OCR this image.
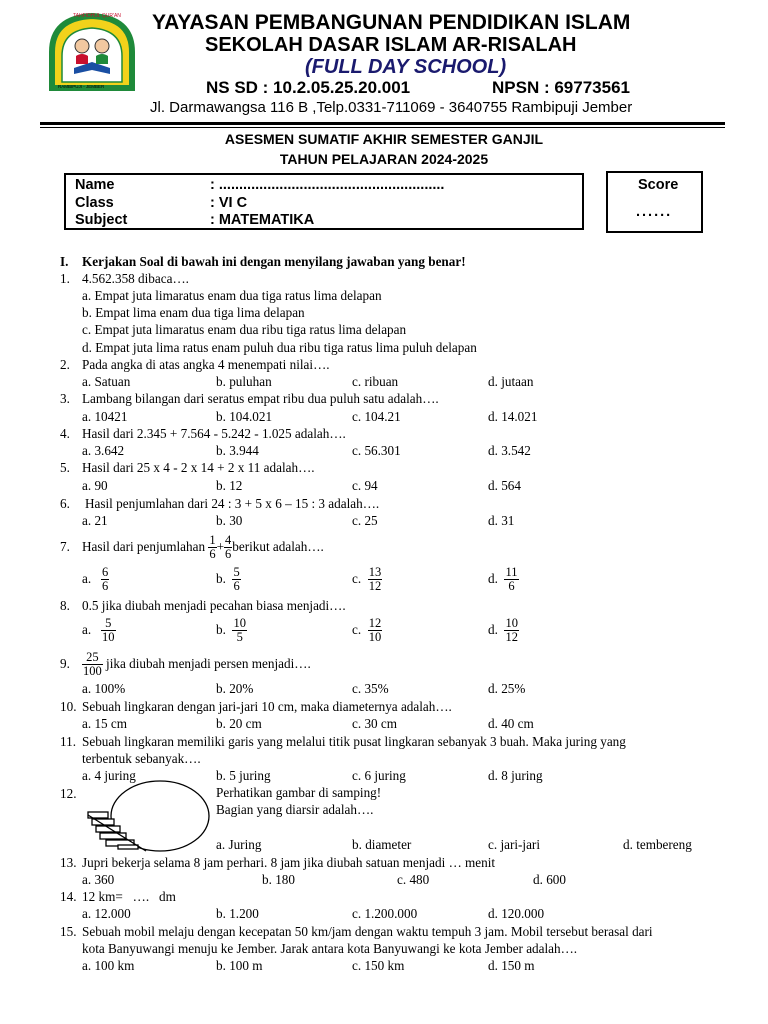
TAHFIDHUL QUR'AN
SEKOLAH	AR-RISALAH
RAMBIPUJI - JEMBER
YAYASAN PEMBANGUNAN PENDIDIKAN ISLAM
SEKOLAH DASAR ISLAM AR-RISALAH
(FULL DAY SCHOOL)
NS SD : 10.2.05.25.20.001	NPSN : 69773561
Jl. Darmawangsa 116 B ,Telp.0331-711069 - 3640755 Rambipuji Jember
ASESMEN SUMATIF AKHIR SEMESTER GANJIL
TAHUN PELAJARAN 2024-2025
Name	: ........................................................
Class	: VI C
Subject	: MATEMATIKA
Score
......
I. Kerjakan Soal di bawah ini dengan menyilang jawaban yang benar!
1. 4.562.358 dibaca….
a. Empat juta limaratus enam dua tiga ratus lima delapan
b. Empat lima enam dua tiga lima delapan
c. Empat juta limaratus enam dua ribu tiga ratus lima delapan
d. Empat juta lima ratus enam puluh dua ribu tiga ratus lima puluh delapan
2. Pada angka di atas angka 4 menempati nilai….
a. Satuan	b. puluhan	c. ribuan	d. jutaan
3. Lambang bilangan dari seratus empat ribu dua puluh satu adalah….
a. 10421	b. 104.021	c. 104.21	d. 14.021
4. Hasil dari 2.345 + 7.564 - 5.242 - 1.025 adalah….
a. 3.642	b. 3.944	c. 56.301	d. 3.542
5. Hasil dari 25 x 4 - 2 x 14 + 2 x 11 adalah….
a. 90	b. 12	c. 94	d. 564
6. Hasil penjumlahan dari 24 : 3 + 5 x 6 – 15 : 3 adalah….
a. 21	b. 30	c. 25	d. 31
7. Hasil dari penjumlahan $\frac{1}{6} + \frac{4}{6}$ berikut adalah….
a. $\frac{6}{6}$	b. $\frac{5}{6}$	c. $\frac{13}{12}$	d. $\frac{11}{6}$
8. 0.5 jika diubah menjadi pecahan biasa menjadi….
a. $\frac{5}{10}$	b. $\frac{10}{5}$	c. $\frac{12}{10}$	d. $\frac{10}{12}$
9. $\frac{25}{100}$ jika diubah menjadi persen menjadi….
a. 100%	b. 20%	c. 35%	d. 25%
10. Sebuah lingkaran dengan jari-jari 10 cm, maka diameternya adalah….
a. 15 cm	b. 20 cm	c. 30 cm	d. 40 cm
11. Sebuah lingkaran memiliki garis yang melalui titik pusat lingkaran sebanyak 3 buah. Maka juring yang
terbentuk sebanyak….
a. 4 juring	b. 5 juring	c. 6 juring	d. 8 juring
12.	Perhatikan gambar di samping!
Bagian yang diarsir adalah….
a. Juring	b. diameter	c. jari-jari	d. tembereng
13. Jupri bekerja selama 8 jam perhari. 8 jam jika diubah satuan menjadi … menit
a. 360	b. 180	c. 480	d. 600
14. 12 km=   ….   dm
a. 12.000	b. 1.200	c. 1.200.000	d. 120.000
15. Sebuah mobil melaju dengan kecepatan 50 km/jam dengan waktu tempuh 3 jam. Mobil tersebut berasal dari
kota Banyuwangi menuju ke Jember. Jarak antara kota Banyuwangi ke kota Jember adalah….
a. 100 km	b. 100 m	c. 150 km	d. 150 m
